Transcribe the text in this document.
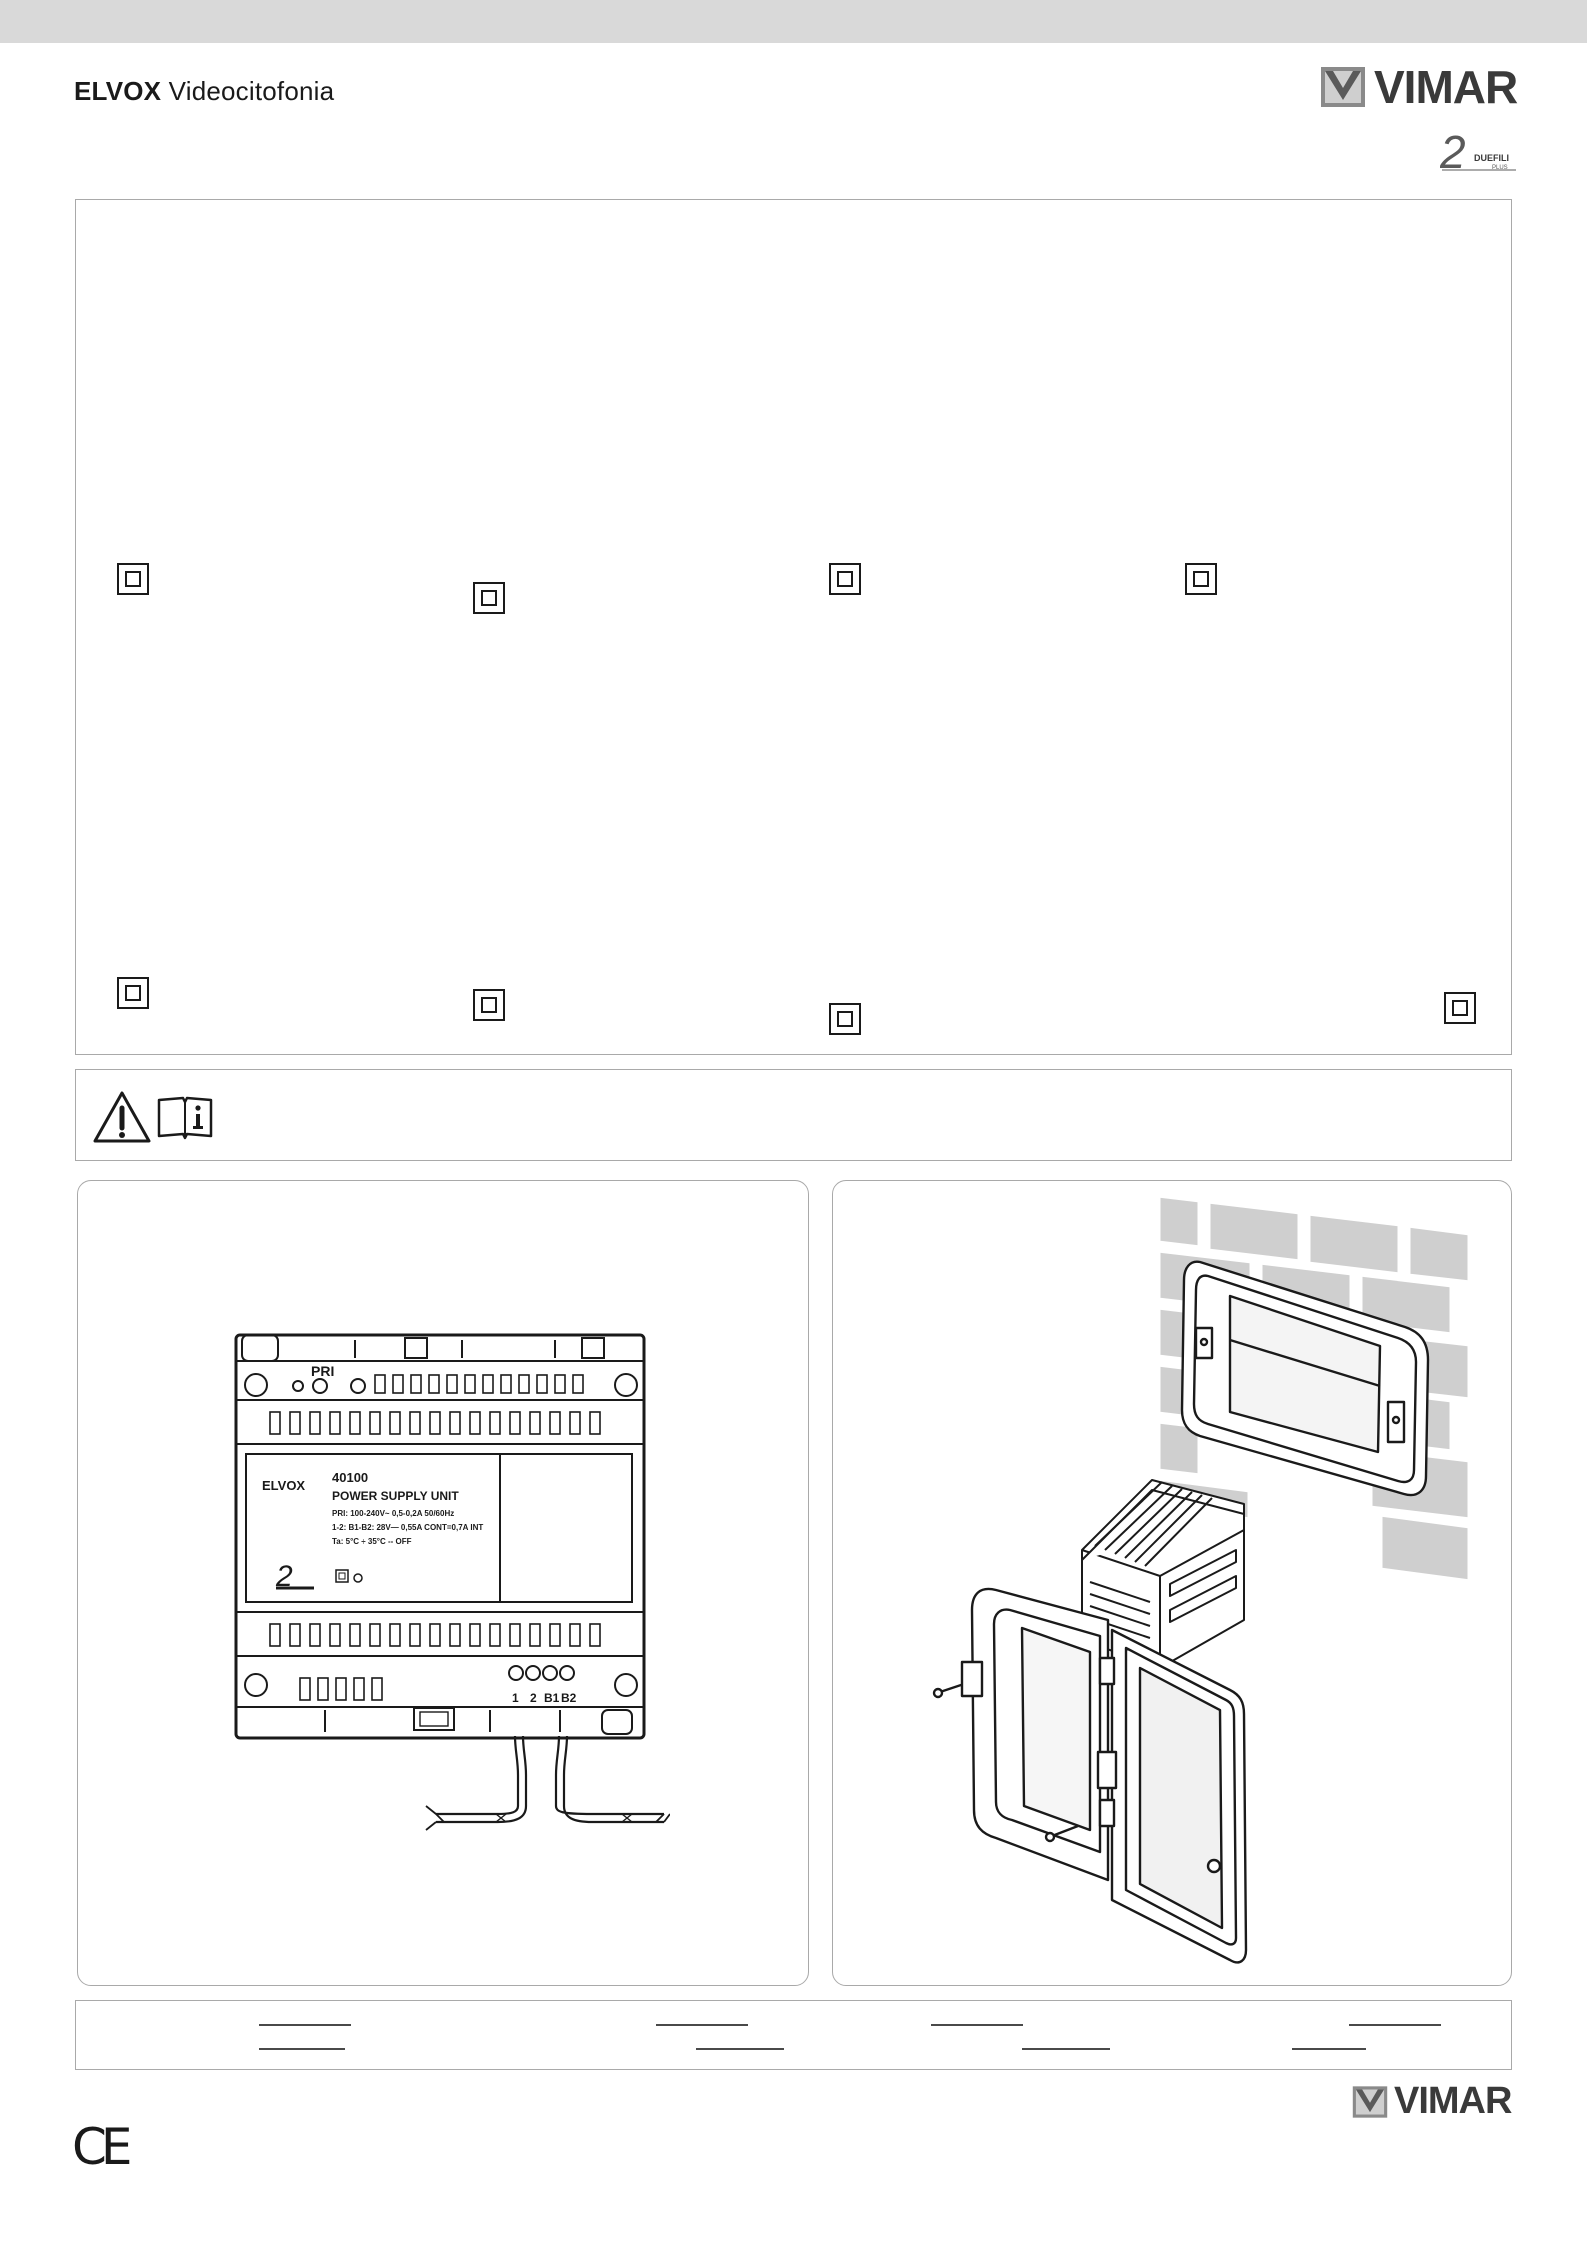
ELVOX Videocitofonia	VIMAR
2 DUEFILI
PLUS
PRI
ELVOX
40100
POWER SUPPLY UNIT
PRI: 100-240V~ 0,5-0,2A 50/60Hz
1-2: B1-B2: 28V— 0,55A CONT=0,7A INT
Ta: 5°C ÷ 35°C -- OFF
2
1 2 B1 B2
CE
VIMAR
